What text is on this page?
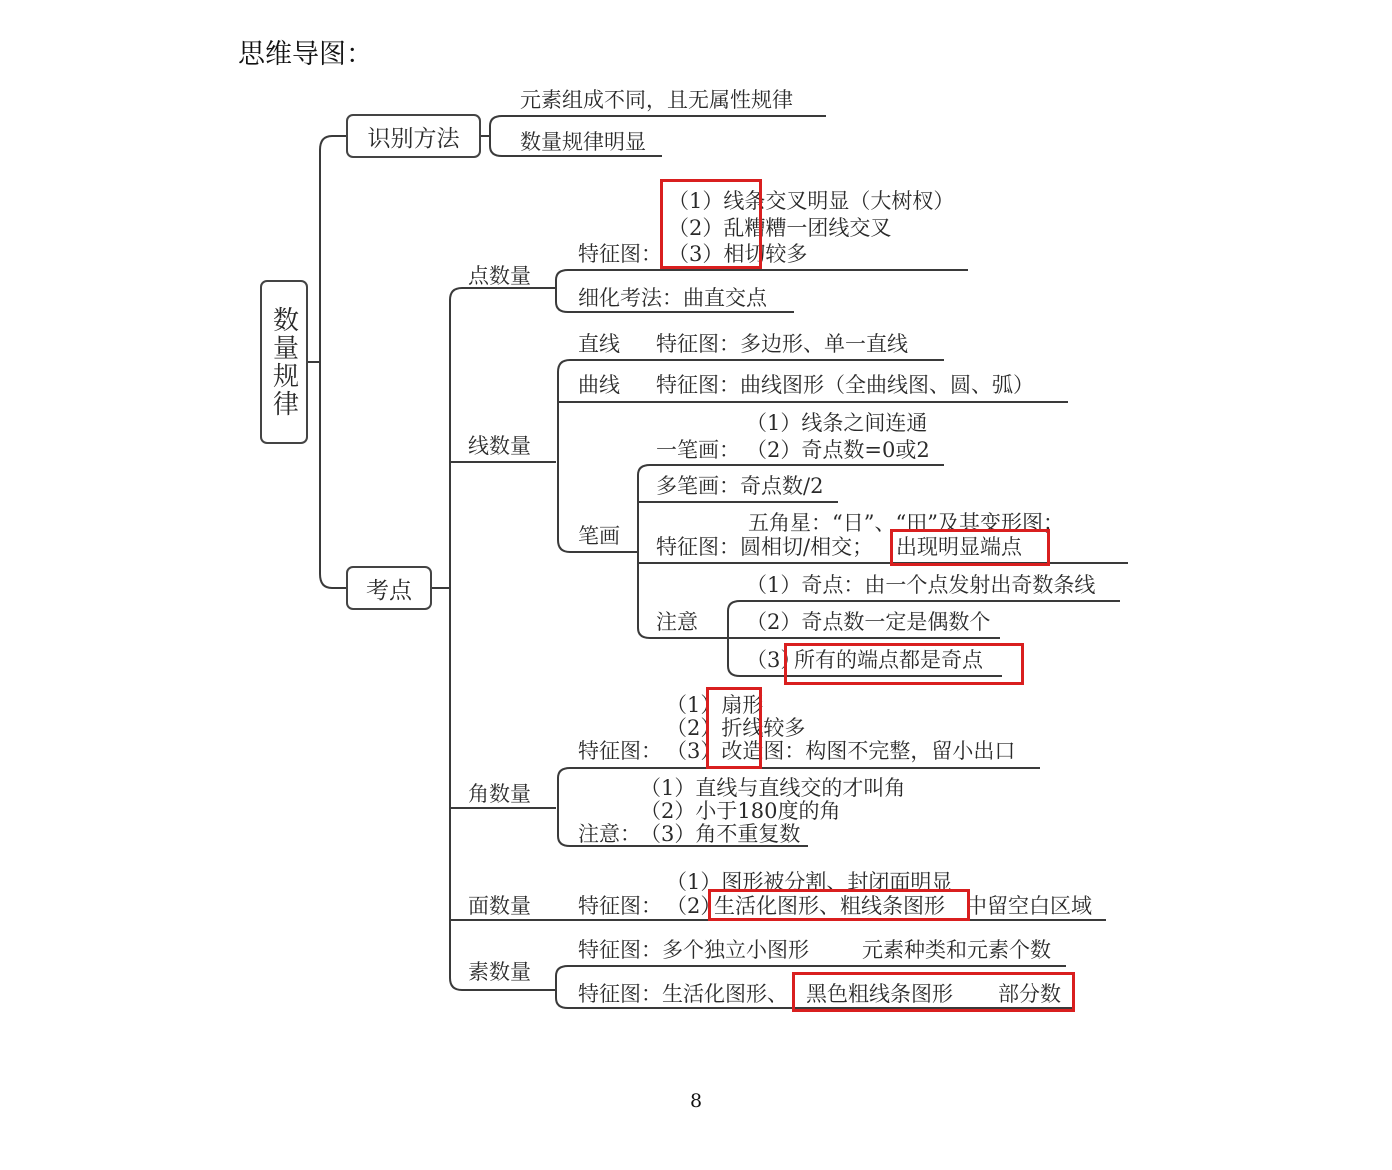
思维导图：
数量规律
识别方法
元素组成不同，且无属性规律
数量规律明显
考点
点数量
（1）线条交叉明显（大树杈）
（2）乱糟糟一团线交叉
特征图： （3）相切较多
细化考法：曲直交点
线数量
直线 特征图：多边形、单一直线
曲线 特征图：曲线图形（全曲线图、圆、弧）
笔画
（1）线条之间连通
一笔画： （2）奇点数=0或2
多笔画：奇点数/2
五角星：“日”、“田”及其变形图；
特征图：圆相切/相交； 出现明显端点
注意
（1）奇点：由一个点发射出奇数条线
（2）奇点数一定是偶数个
（3）
所有的端点都是奇点
角数量
（1）扇形
（2）折线较多
特征图： （3）改造图：构图不完整，留小出口
（1）直线与直线交的才叫角
（2）小于180度的角
注意： （3）角不重复数
面数量
（1）图形被分割、封闭面明显
特征图： （2）
生活化图形、粗线条图形 中留空白区域
素数量
特征图：多个独立小图形	元素种类和元素个数
特征图：生活化图形、 黑色粗线条图形 部分数
8
